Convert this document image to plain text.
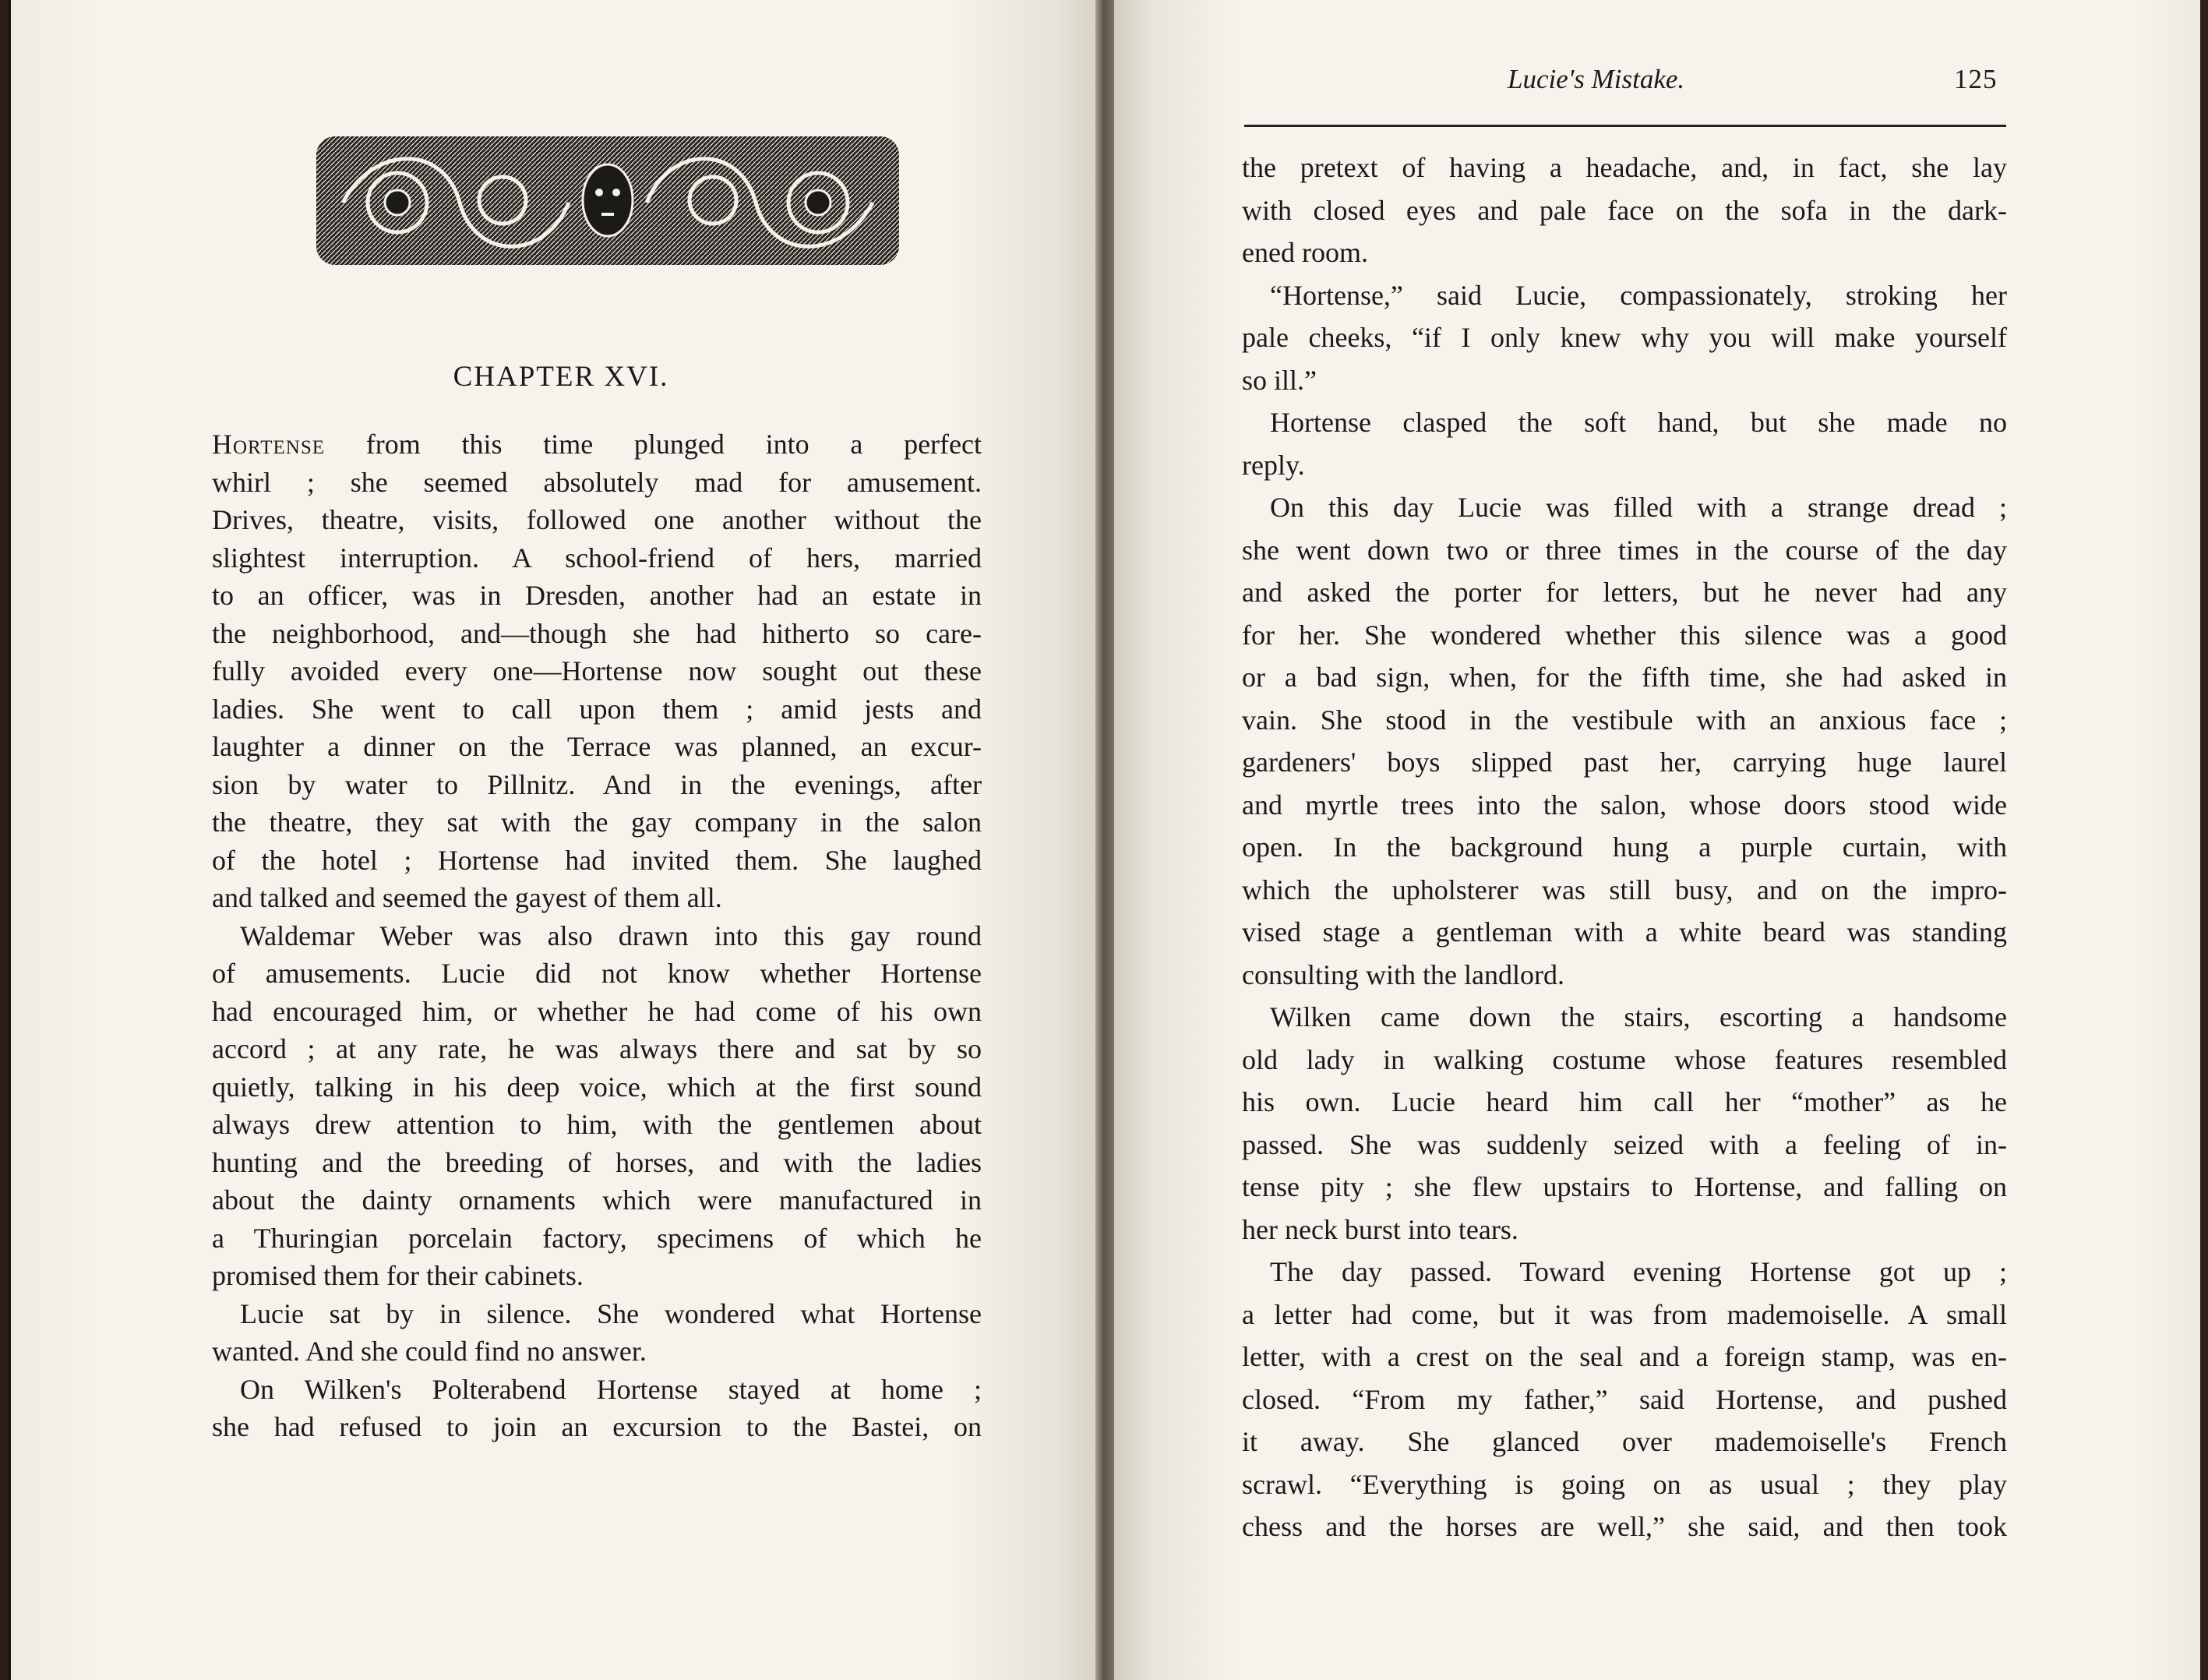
CHAPTER XVI.
Hortense from this time plunged into a perfect
whirl ; she seemed absolutely mad for amusement.
Drives, theatre, visits, followed one another without the
slightest interruption. A school-friend of hers, married
to an officer, was in Dresden, another had an estate in
the neighborhood, and—though she had hitherto so care-
fully avoided every one—Hortense now sought out these
ladies. She went to call upon them ; amid jests and
laughter a dinner on the Terrace was planned, an excur-
sion by water to Pillnitz. And in the evenings, after
the theatre, they sat with the gay company in the salon
of the hotel ; Hortense had invited them. She laughed
and talked and seemed the gayest of them all.
Waldemar Weber was also drawn into this gay round
of amusements. Lucie did not know whether Hortense
had encouraged him, or whether he had come of his own
accord ; at any rate, he was always there and sat by so
quietly, talking in his deep voice, which at the first sound
always drew attention to him, with the gentlemen about
hunting and the breeding of horses, and with the ladies
about the dainty ornaments which were manufactured in
a Thuringian porcelain factory, specimens of which he
promised them for their cabinets.
Lucie sat by in silence. She wondered what Hortense
wanted. And she could find no answer.
On Wilken's Polterabend Hortense stayed at home ;
she had refused to join an excursion to the Bastei, on
Lucie's Mistake.	125
the pretext of having a headache, and, in fact, she lay
with closed eyes and pale face on the sofa in the dark-
ened room.
“Hortense,” said Lucie, compassionately, stroking her
pale cheeks, “if I only knew why you will make yourself
so ill.”
Hortense clasped the soft hand, but she made no
reply.
On this day Lucie was filled with a strange dread ;
she went down two or three times in the course of the day
and asked the porter for letters, but he never had any
for her. She wondered whether this silence was a good
or a bad sign, when, for the fifth time, she had asked in
vain. She stood in the vestibule with an anxious face ;
gardeners' boys slipped past her, carrying huge laurel
and myrtle trees into the salon, whose doors stood wide
open. In the background hung a purple curtain, with
which the upholsterer was still busy, and on the impro-
vised stage a gentleman with a white beard was standing
consulting with the landlord.
Wilken came down the stairs, escorting a handsome
old lady in walking costume whose features resembled
his own. Lucie heard him call her “mother” as he
passed. She was suddenly seized with a feeling of in-
tense pity ; she flew upstairs to Hortense, and falling on
her neck burst into tears.
The day passed. Toward evening Hortense got up ;
a letter had come, but it was from mademoiselle. A small
letter, with a crest on the seal and a foreign stamp, was en-
closed. “From my father,” said Hortense, and pushed
it away. She glanced over mademoiselle's French
scrawl. “Everything is going on as usual ; they play
chess and the horses are well,” she said, and then took
